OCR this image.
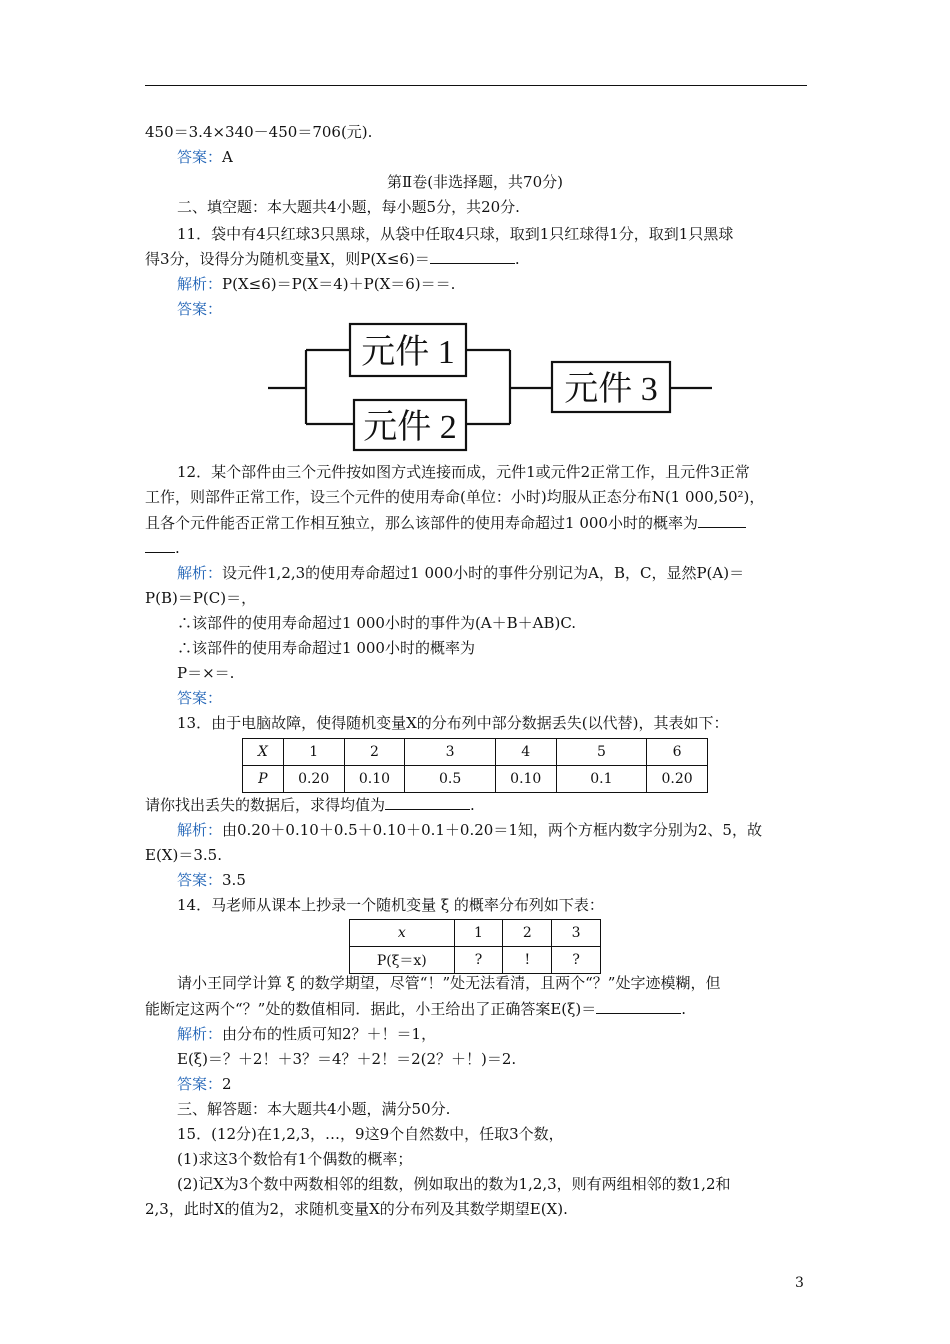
450＝3.4×340－450＝706(元).
答案：A
第Ⅱ卷(非选择题，共70分)
二、填空题：本大题共4小题，每小题5分，共20分.
11．袋中有4只红球3只黑球，从袋中任取4只球，取到1只红球得1分，取到1只黑球
得3分，设得分为随机变量X，则P(X≤6)＝	.
解析：P(X≤6)＝P(X＝4)＋P(X＝6)＝＝.
答案：
元件 1
元件 2
元件 3
12．某个部件由三个元件按如图方式连接而成，元件1或元件2正常工作，且元件3正常
工作，则部件正常工作，设三个元件的使用寿命(单位：小时)均服从正态分布N(1 000,50²)，
且各个元件能否正常工作相互独立，那么该部件的使用寿命超过1 000小时的概率为
.
解析：设元件1,2,3的使用寿命超过1 000小时的事件分别记为A，B，C，显然P(A)＝
P(B)＝P(C)＝，
∴该部件的使用寿命超过1 000小时的事件为(A＋B＋AB)C.
∴该部件的使用寿命超过1 000小时的概率为
P＝×＝.
答案：
13．由于电脑故障，使得随机变量X的分布列中部分数据丢失(以代替)，其表如下：
X	1	2	3	4	5	6
P	0.20	0.10	0.5	0.10	0.1	0.20
请你找出丢失的数据后，求得均值为	.
解析：由0.20＋0.10＋0.5＋0.10＋0.1＋0.20＝1知，两个方框内数字分别为2、5，故
E(X)＝3.5.
答案：3.5
14．马老师从课本上抄录一个随机变量 ξ 的概率分布列如下表：
x	1	2	3
P(ξ＝x)	?	!	?
请小王同学计算 ξ 的数学期望，尽管“！”处无法看清，且两个“？”处字迹模糊，但
能断定这两个“？”处的数值相同．据此，小王给出了正确答案E(ξ)＝	.
解析：由分布的性质可知2？＋！＝1，
E(ξ)＝？＋2！＋3？＝4？＋2！＝2(2？＋！)＝2.
答案：2
三、解答题：本大题共4小题，满分50分.
15．(12分)在1,2,3，…，9这9个自然数中，任取3个数，
(1)求这3个数恰有1个偶数的概率；
(2)记X为3个数中两数相邻的组数，例如取出的数为1,2,3，则有两组相邻的数1,2和
2,3，此时X的值为2，求随机变量X的分布列及其数学期望E(X).
3
